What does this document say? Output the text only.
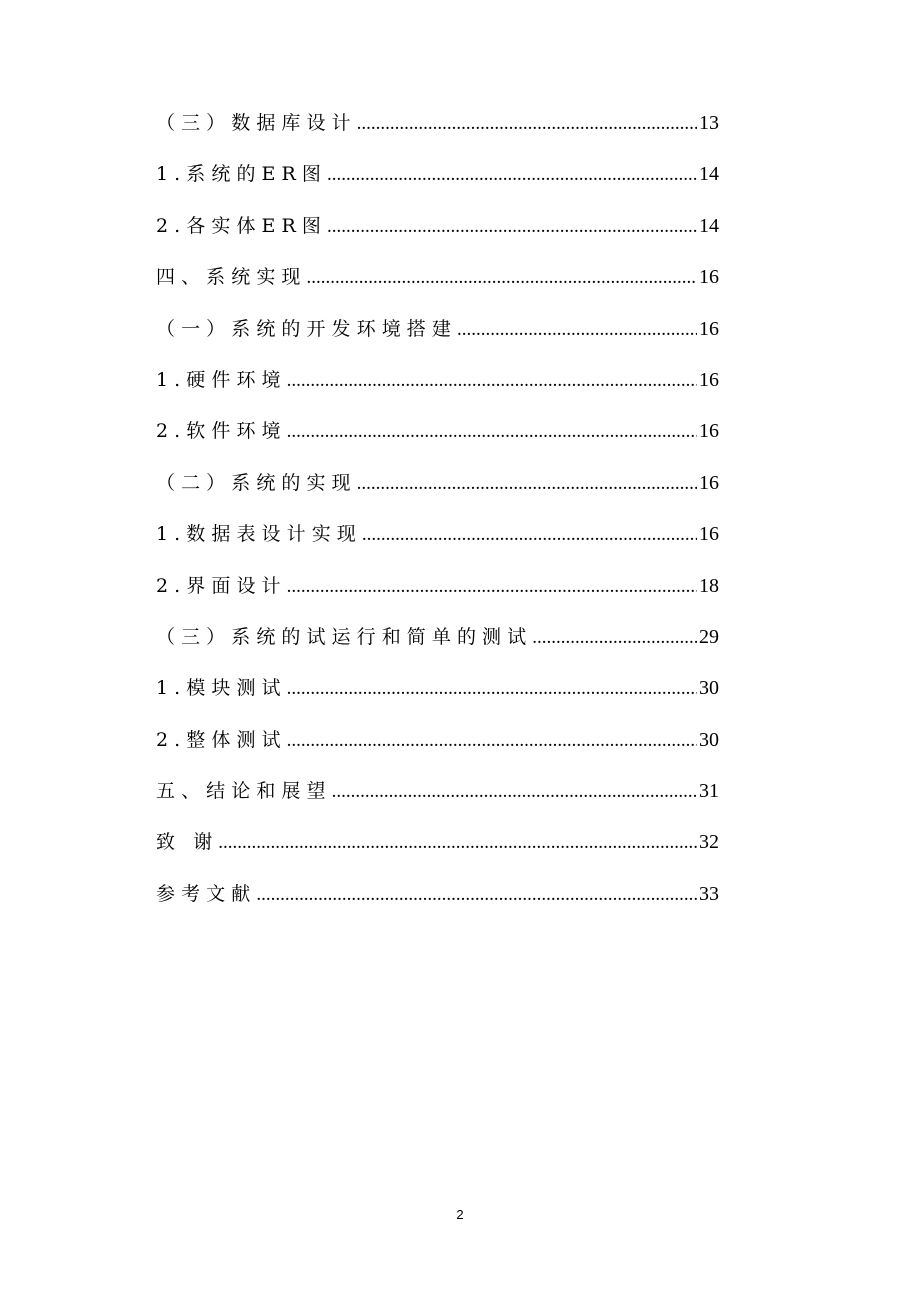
（三）数据库设计 .....	13
1.系统的ER图 .....	14
2.各实体ER图 .....	14
四、系统实现 .....	16
（一）系统的开发环境搭建 .....	16
1.硬件环境 .....	16
2.软件环境 .....	16
（二）系统的实现 .....	16
1.数据表设计实现 .....	16
2.界面设计 .....	18
（三）系统的试运行和简单的测试 .....	29
1.模块测试 .....	30
2.整体测试 .....	30
五、结论和展望 .....	31
致 谢 .....	32
参考文献 .....	33
2
